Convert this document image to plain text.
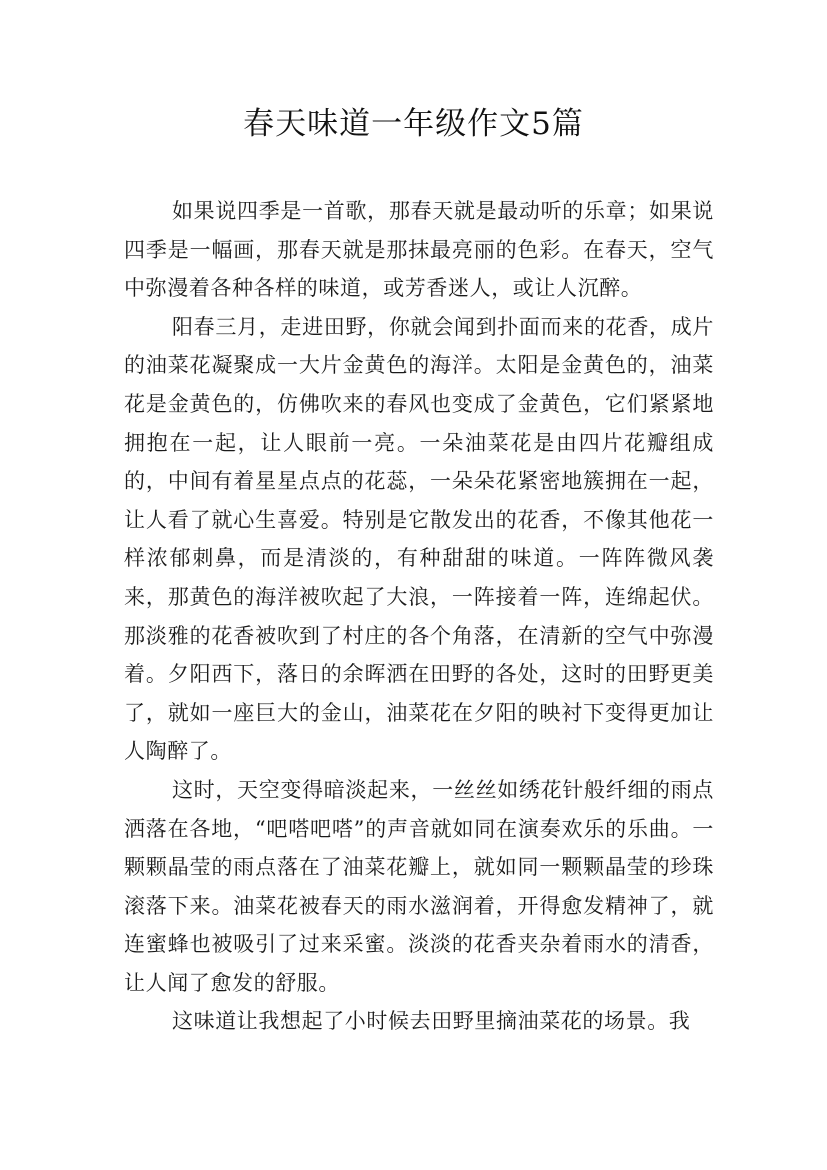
春天味道一年级作文5篇

如果说四季是一首歌，那春天就是最动听的乐章；如果说四季是一幅画，那春天就是那抹最亮丽的色彩。在春天，空气中弥漫着各种各样的味道，或芳香迷人，或让人沉醉。

阳春三月，走进田野，你就会闻到扑面而来的花香，成片的油菜花凝聚成一大片金黄色的海洋。太阳是金黄色的，油菜花是金黄色的，仿佛吹来的春风也变成了金黄色，它们紧紧地拥抱在一起，让人眼前一亮。一朵油菜花是由四片花瓣组成的，中间有着星星点点的花蕊，一朵朵花紧密地簇拥在一起，让人看了就心生喜爱。特别是它散发出的花香，不像其他花一样浓郁刺鼻，而是清淡的，有种甜甜的味道。一阵阵微风袭来，那黄色的海洋被吹起了大浪，一阵接着一阵，连绵起伏。那淡雅的花香被吹到了村庄的各个角落，在清新的空气中弥漫着。夕阳西下，落日的余晖洒在田野的各处，这时的田野更美了，就如一座巨大的金山，油菜花在夕阳的映衬下变得更加让人陶醉了。

这时，天空变得暗淡起来，一丝丝如绣花针般纤细的雨点洒落在各地，“吧嗒吧嗒”的声音就如同在演奏欢乐的乐曲。一颗颗晶莹的雨点落在了油菜花瓣上，就如同一颗颗晶莹的珍珠滚落下来。油菜花被春天的雨水滋润着，开得愈发精神了，就连蜜蜂也被吸引了过来采蜜。淡淡的花香夹杂着雨水的清香，让人闻了愈发的舒服。

这味道让我想起了小时候去田野里摘油菜花的场景。我
